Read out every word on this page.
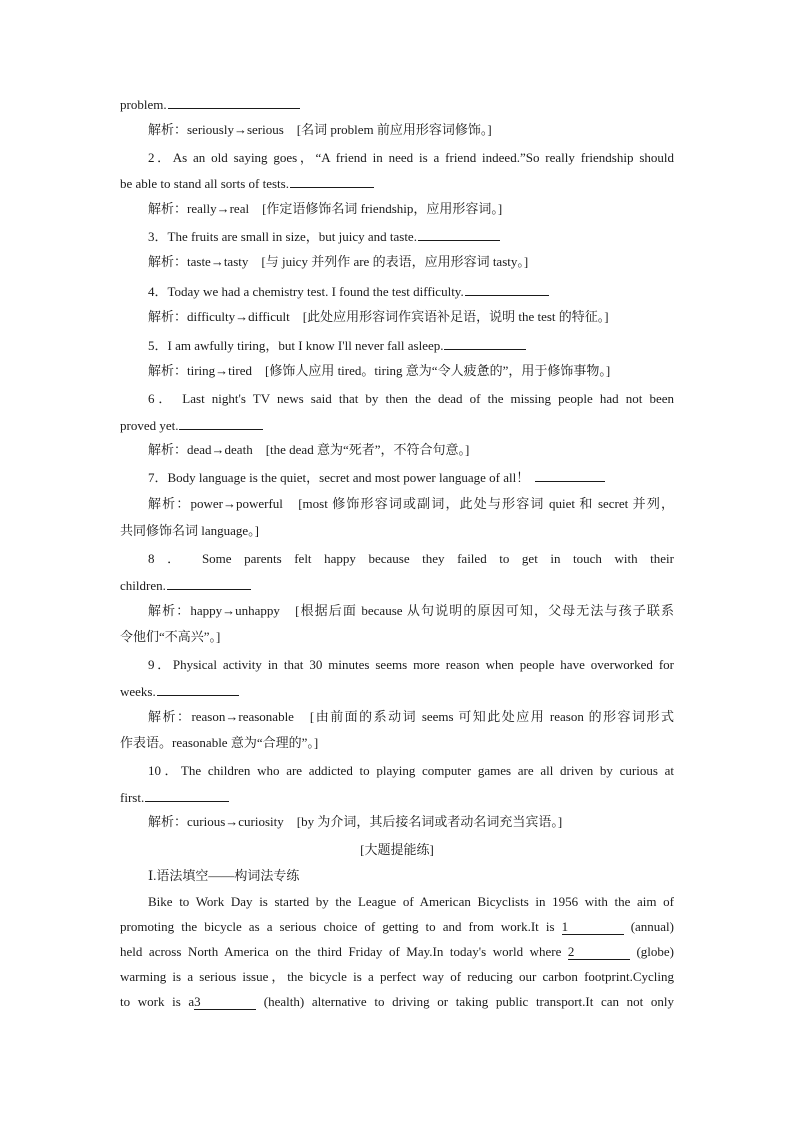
problem.
解析：seriously→serious　[名词 problem 前应用形容词修饰。]
2．As an old saying goes，“A friend in need is a friend indeed.”So really friendship should
be able to stand all sorts of tests.
解析：really→real　[作定语修饰名词 friendship，应用形容词。]
3．The fruits are small in size，but juicy and taste.
解析：taste→tasty　[与 juicy 并列作 are 的表语，应用形容词 tasty。]
4．Today we had a chemistry test. I found the test difficulty.
解析：difficulty→difficult　[此处应用形容词作宾语补足语，说明 the test 的特征。]
5．I am awfully tiring，but I know I'll never fall asleep.
解析：tiring→tired　[修饰人应用 tired。tiring 意为“令人疲惫的”，用于修饰事物。]
6． Last night's TV news said that by then the dead of the missing people had not been
proved yet.
解析：dead→death　[the dead 意为“死者”，不符合句意。]
7．Body language is the quiet，secret and most power language of all！
解析：power→powerful　[most 修饰形容词或副词，此处与形容词 quiet 和 secret 并列，
共同修饰名词 language。]
8 ． Some parents felt happy because they failed to get in touch with their
children.
解析：happy→unhappy　[根据后面 because 从句说明的原因可知，父母无法与孩子联系
令他们“不高兴”。]
9．Physical activity in that 30 minutes seems more reason when people have overworked for
weeks.
解析：reason→reasonable　[由前面的系动词 seems 可知此处应用 reason 的形容词形式
作表语。reasonable 意为“合理的”。]
10．The children who are addicted to playing computer games are all driven by curious at
first.
解析：curious→curiosity　[by 为介词，其后接名词或者动名词充当宾语。]
[大题提能练]
Ⅰ.语法填空——构词法专练
Bike to Work Day is started by the League of American Bicyclists in 1956 with the aim of
promoting the bicycle as a serious choice of getting to and from work.It is 1	(annual)
held across North America on the third Friday of May.In today's world where 2	(globe)
warming is a serious issue，the bicycle is a perfect way of reducing our carbon footprint.Cycling
to work is a3	(health) alternative to driving or taking public transport.It can not only
